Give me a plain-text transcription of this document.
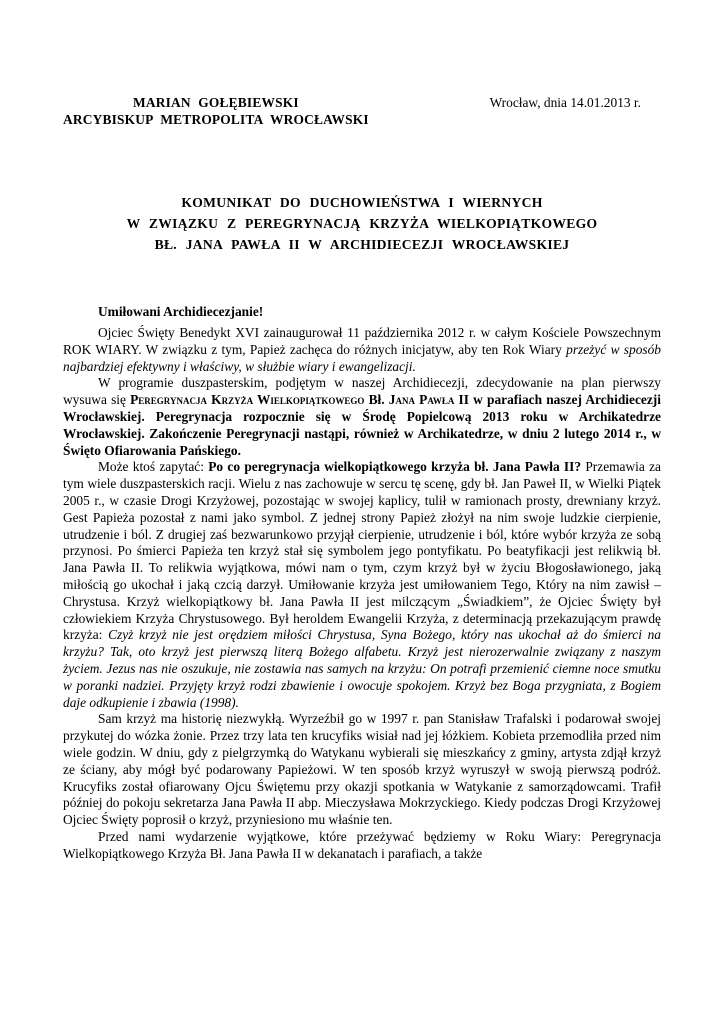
MARIAN GOŁĘBIEWSKI
ARCYBISKUP METROPOLITA WROCŁAWSKI
Wrocław, dnia 14.01.2013 r.
KOMUNIKAT DO DUCHOWIEŃSTWA I WIERNYCH
W ZWIĄZKU Z PEREGRYNACJĄ KRZYŻA WIELKOPIĄTKOWEGO
BŁ. JANA PAWŁA II W ARCHIDIECEZJI WROCŁAWSKIEJ

Umiłowani Archidiecezjanie!

Ojciec Święty Benedykt XVI zainaugurował 11 października 2012 r. w całym Kościele Powszechnym ROK WIARY. W związku z tym, Papież zachęca do różnych inicjatyw, aby ten Rok Wiary przeżyć w sposób najbardziej efektywny i właściwy, w służbie wiary i ewangelizacji.

W programie duszpasterskim, podjętym w naszej Archidiecezji, zdecydowanie na plan pierwszy wysuwa się Peregrynacja Krzyża Wielkopiątkowego Bł. Jana Pawła II w parafiach naszej Archidiecezji Wrocławskiej. Peregrynacja rozpocznie się w Środę Popielcową 2013 roku w Archikatedrze Wrocławskiej. Zakończenie Peregrynacji nastąpi, również w Archikatedrze, w dniu 2 lutego 2014 r., w Święto Ofiarowania Pańskiego.

Może ktoś zapytać: Po co peregrynacja wielkopiątkowego krzyża bł. Jana Pawła II? Przemawia za tym wiele duszpasterskich racji. Wielu z nas zachowuje w sercu tę scenę, gdy bł. Jan Paweł II, w Wielki Piątek 2005 r., w czasie Drogi Krzyżowej, pozostając w swojej kaplicy, tulił w ramionach prosty, drewniany krzyż. Gest Papieża pozostał z nami jako symbol. Z jednej strony Papież złożył na nim swoje ludzkie cierpienie, utrudzenie i ból. Z drugiej zaś bezwarunkowo przyjął cierpienie, utrudzenie i ból, które wybór krzyża ze sobą przynosi. Po śmierci Papieża ten krzyż stał się symbolem jego pontyfikatu. Po beatyfikacji jest relikwią bł. Jana Pawła II. To relikwia wyjątkowa, mówi nam o tym, czym krzyż był w życiu Błogosławionego, jaką miłością go ukochał i jaką czcią darzył. Umiłowanie krzyża jest umiłowaniem Tego, Który na nim zawisł – Chrystusa. Krzyż wielkopiątkowy bł. Jana Pawła II jest milczącym „Świadkiem”, że Ojciec Święty był człowiekiem Krzyża Chrystusowego. Był heroldem Ewangelii Krzyża, z determinacją przekazującym prawdę krzyża: Czyż krzyż nie jest orędziem miłości Chrystusa, Syna Bożego, który nas ukochał aż do śmierci na krzyżu? Tak, oto krzyż jest pierwszą literą Bożego alfabetu. Krzyż jest nierozerwalnie związany z naszym życiem. Jezus nas nie oszukuje, nie zostawia nas samych na krzyżu: On potrafi przemienić ciemne noce smutku w poranki nadziei. Przyjęty krzyż rodzi zbawienie i owocuje spokojem. Krzyż bez Boga przygniata, z Bogiem daje odkupienie i zbawia (1998).

Sam krzyż ma historię niezwykłą. Wyrzeźbił go w 1997 r. pan Stanisław Trafalski i podarował swojej przykutej do wózka żonie. Przez trzy lata ten krucyfiks wisiał nad jej łóżkiem. Kobieta przemodliła przed nim wiele godzin. W dniu, gdy z pielgrzymką do Watykanu wybierali się mieszkańcy z gminy, artysta zdjął krzyż ze ściany, aby mógł być podarowany Papieżowi. W ten sposób krzyż wyruszył w swoją pierwszą podróż. Krucyfiks został ofiarowany Ojcu Świętemu przy okazji spotkania w Watykanie z samorządowcami. Trafił później do pokoju sekretarza Jana Pawła II abp. Mieczysława Mokrzyckiego. Kiedy podczas Drogi Krzyżowej Ojciec Święty poprosił o krzyż, przyniesiono mu właśnie ten.

Przed nami wydarzenie wyjątkowe, które przeżywać będziemy w Roku Wiary: Peregrynacja Wielkopiątkowego Krzyża Bł. Jana Pawła II w dekanatach i parafiach, a także
